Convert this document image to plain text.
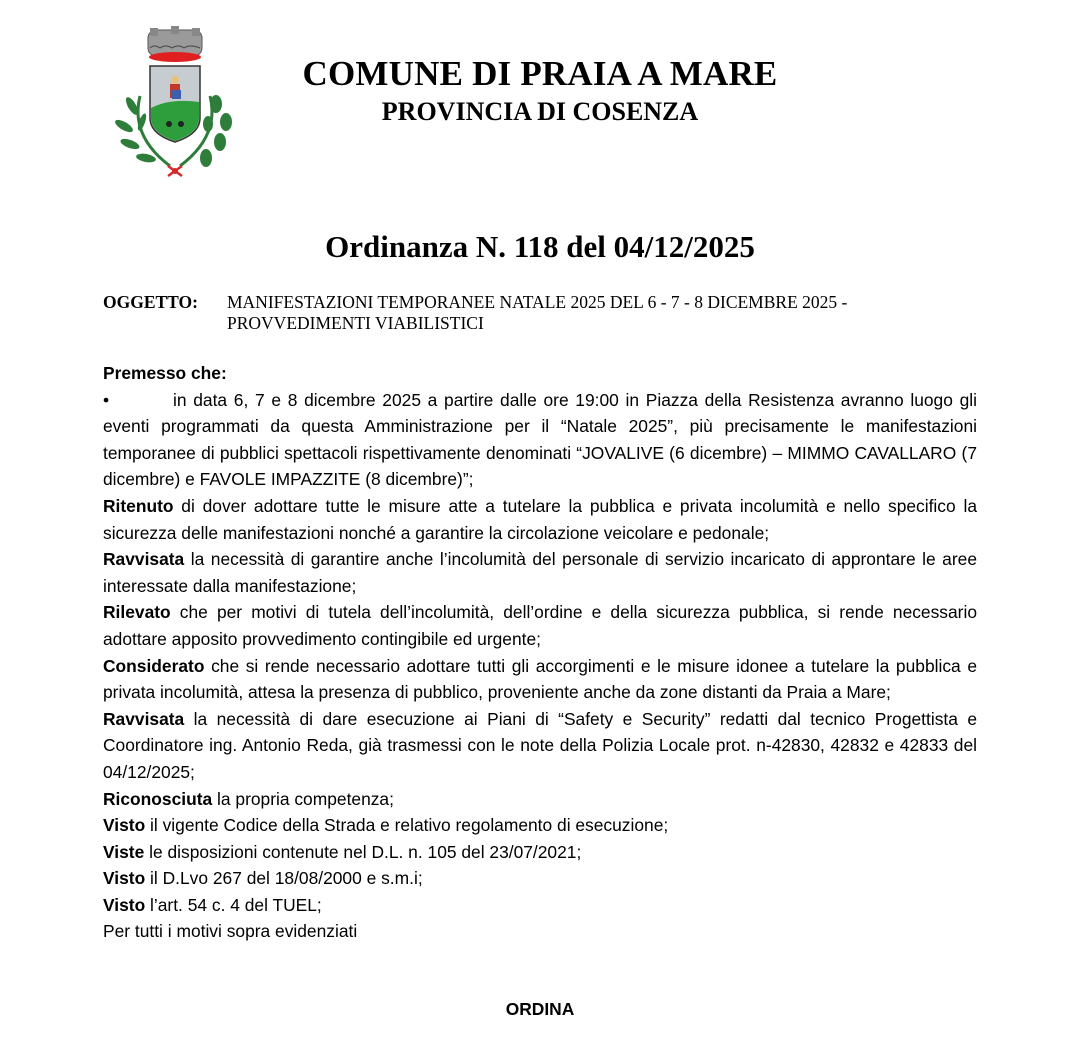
COMUNE DI PRAIA A MARE
PROVINCIA DI COSENZA
Ordinanza N. 118 del 04/12/2025
OGGETTO:	MANIFESTAZIONI TEMPORANEE NATALE 2025 DEL 6 - 7 - 8 DICEMBRE 2025 - PROVVEDIMENTI VIABILISTICI

Premesso che:

•	in data 6, 7 e 8 dicembre 2025 a partire dalle ore 19:00 in Piazza della Resistenza avranno luogo gli eventi programmati da questa Amministrazione per il “Natale 2025”, più precisamente le manifestazioni temporanee di pubblici spettacoli rispettivamente denominati “JOVALIVE (6 dicembre) – MIMMO CAVALLARO (7 dicembre) e FAVOLE IMPAZZITE (8 dicembre)”;

Ritenuto di dover adottare tutte le misure atte a tutelare la pubblica e privata incolumità e nello specifico la sicurezza delle manifestazioni nonché a garantire la circolazione veicolare e pedonale;

Ravvisata la necessità di garantire anche l’incolumità del personale di servizio incaricato di approntare le aree interessate dalla manifestazione;

Rilevato che per motivi di tutela dell’incolumità, dell’ordine e della sicurezza pubblica, si rende necessario adottare apposito provvedimento contingibile ed urgente;

Considerato che si rende necessario adottare tutti gli accorgimenti e le misure idonee a tutelare la pubblica e privata incolumità, attesa la presenza di pubblico, proveniente anche da zone distanti da Praia a Mare;

Ravvisata la necessità di dare esecuzione ai Piani di “Safety e Security” redatti dal tecnico Progettista e Coordinatore ing. Antonio Reda, già trasmessi con le note della Polizia Locale prot. n-42830, 42832 e 42833 del 04/12/2025;

Riconosciuta la propria competenza;

Visto il vigente Codice della Strada e relativo regolamento di esecuzione;

Viste le disposizioni contenute nel D.L. n. 105 del 23/07/2021;

Visto il D.Lvo 267 del 18/08/2000 e s.m.i;

Visto l’art. 54 c. 4 del TUEL;

Per tutti i motivi sopra evidenziati

ORDINA
